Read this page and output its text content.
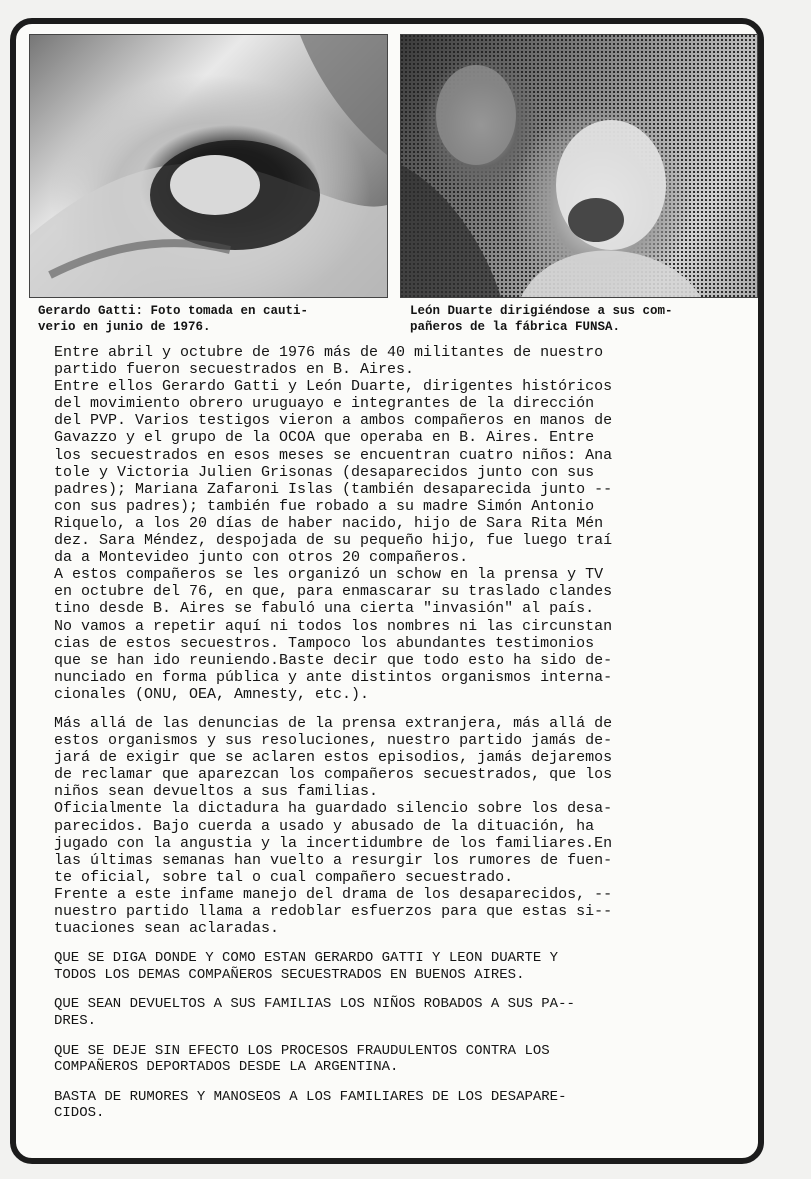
Gerardo Gatti: Foto tomada en cauti-
verio en junio de 1976.
León Duarte dirigiéndose a sus com-
pañeros de la fábrica FUNSA.

Entre abril y octubre de 1976 más de 40 militantes de nuestro
partido fueron secuestrados en B. Aires.
Entre ellos Gerardo Gatti y León Duarte, dirigentes históricos
del movimiento obrero uruguayo e integrantes de la dirección
del PVP. Varios testigos vieron a ambos compañeros en manos de
Gavazzo y el grupo de la OCOA que operaba en B. Aires. Entre
los secuestrados en esos meses se encuentran cuatro niños: Ana
tole y Victoria Julien Grisonas (desaparecidos junto con sus
padres); Mariana Zafaroni Islas (también desaparecida junto --
con sus padres); también fue robado a su madre Simón Antonio
Riquelo, a los 20 días de haber nacido, hijo de Sara Rita Mén
dez. Sara Méndez, despojada de su pequeño hijo, fue luego traí
da a Montevideo junto con otros 20 compañeros.
A estos compañeros se les organizó un schow en la prensa y TV
en octubre del 76, en que, para enmascarar su traslado clandes
tino desde B. Aires se fabuló una cierta "invasión" al país.
No vamos a repetir aquí ni todos los nombres ni las circunstan
cias de estos secuestros. Tampoco los abundantes testimonios
que se han ido reuniendo.Baste decir que todo esto ha sido de-
nunciado en forma pública y ante distintos organismos interna-
cionales (ONU, OEA, Amnesty, etc.).

Más allá de las denuncias de la prensa extranjera, más allá de
estos organismos y sus resoluciones, nuestro partido jamás de-
jará de exigir que se aclaren estos episodios, jamás dejaremos
de reclamar que aparezcan los compañeros secuestrados, que los
niños sean devueltos a sus familias.
Oficialmente la dictadura ha guardado silencio sobre los desa-
parecidos. Bajo cuerda a usado y abusado de la dituación, ha
jugado con la angustia y la incertidumbre de los familiares.En
las últimas semanas han vuelto a resurgir los rumores de fuen-
te oficial, sobre tal o cual compañero secuestrado.
Frente a este infame manejo del drama de los desaparecidos, --
nuestro partido llama a redoblar esfuerzos para que estas si--
tuaciones sean aclaradas.

QUE SE DIGA DONDE Y COMO ESTAN GERARDO GATTI Y LEON DUARTE Y
TODOS LOS DEMAS COMPAÑEROS SECUESTRADOS EN BUENOS AIRES.

QUE SEAN DEVUELTOS A SUS FAMILIAS LOS NIÑOS ROBADOS A SUS PA--
DRES.

QUE SE DEJE SIN EFECTO LOS PROCESOS FRAUDULENTOS CONTRA LOS
COMPAÑEROS DEPORTADOS DESDE LA ARGENTINA.

BASTA DE RUMORES Y MANOSEOS A LOS FAMILIARES DE LOS DESAPARE-
CIDOS.
